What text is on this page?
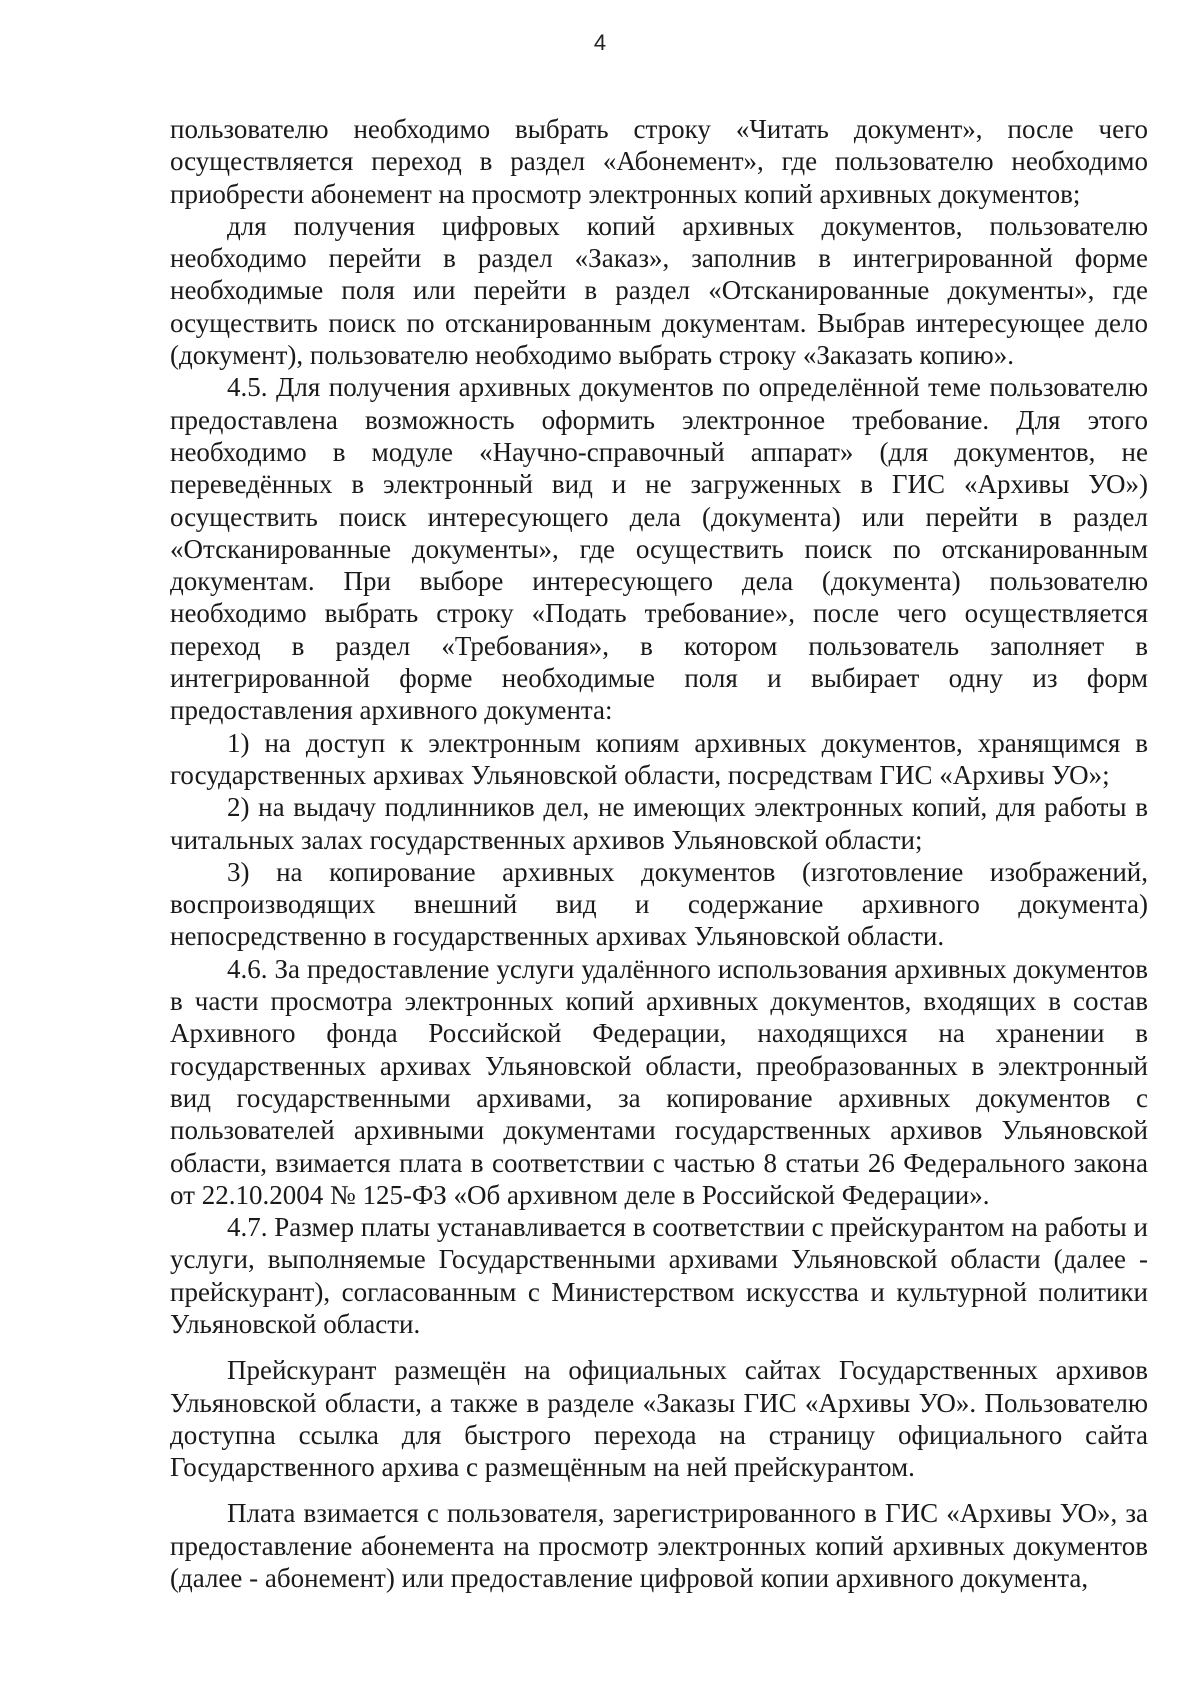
4

пользователю необходимо выбрать строку «Читать документ», после чего осуществляется переход в раздел «Абонемент», где пользователю необходимо приобрести абонемент на просмотр электронных копий архивных документов;

для получения цифровых копий архивных документов, пользователю необходимо перейти в раздел «Заказ», заполнив в интегрированной форме необходимые поля или перейти в раздел «Отсканированные документы», где осуществить поиск по отсканированным документам. Выбрав интересующее дело (документ), пользователю необходимо выбрать строку «Заказать копию».

4.5. Для получения архивных документов по определённой теме пользователю предоставлена возможность оформить электронное требование. Для этого необходимо в модуле «Научно-справочный аппарат» (для документов, не переведённых в электронный вид и не загруженных в ГИС «Архивы УО») осуществить поиск интересующего дела (документа) или перейти в раздел «Отсканированные документы», где осуществить поиск по отсканированным документам. При выборе интересующего дела (документа) пользователю необходимо выбрать строку «Подать требование», после чего осуществляется переход в раздел «Требования», в котором пользователь заполняет в интегрированной форме необходимые поля и выбирает одну из форм предоставления архивного документа:

1) на доступ к электронным копиям архивных документов, хранящимся в государственных архивах Ульяновской области, посредствам ГИС «Архивы УО»;

2) на выдачу подлинников дел, не имеющих электронных копий, для работы в читальных залах государственных архивов Ульяновской области;

3) на копирование архивных документов (изготовление изображений, воспроизводящих внешний вид и содержание архивного документа) непосредственно в государственных архивах Ульяновской области.

4.6. За предоставление услуги удалённого использования архивных документов в части просмотра электронных копий архивных документов, входящих в состав Архивного фонда Российской Федерации, находящихся на хранении в государственных архивах Ульяновской области, преобразованных в электронный вид государственными архивами, за копирование архивных документов с пользователей архивными документами государственных архивов Ульяновской области, взимается плата в соответствии с частью 8 статьи 26 Федерального закона от 22.10.2004 № 125-ФЗ «Об архивном деле в Российской Федерации».

4.7. Размер платы устанавливается в соответствии с прейскурантом на работы и услуги, выполняемые Государственными архивами Ульяновской области (далее - прейскурант), согласованным с Министерством искусства и культурной политики Ульяновской области.

Прейскурант размещён на официальных сайтах Государственных архивов Ульяновской области, а также в разделе «Заказы ГИС «Архивы УО». Пользователю доступна ссылка для быстрого перехода на страницу официального сайта Государственного архива с размещённым на ней прейскурантом.

Плата взимается с пользователя, зарегистрированного в ГИС «Архивы УО», за предоставление абонемента на просмотр электронных копий архивных документов (далее - абонемент) или предоставление цифровой копии архивного документа,
